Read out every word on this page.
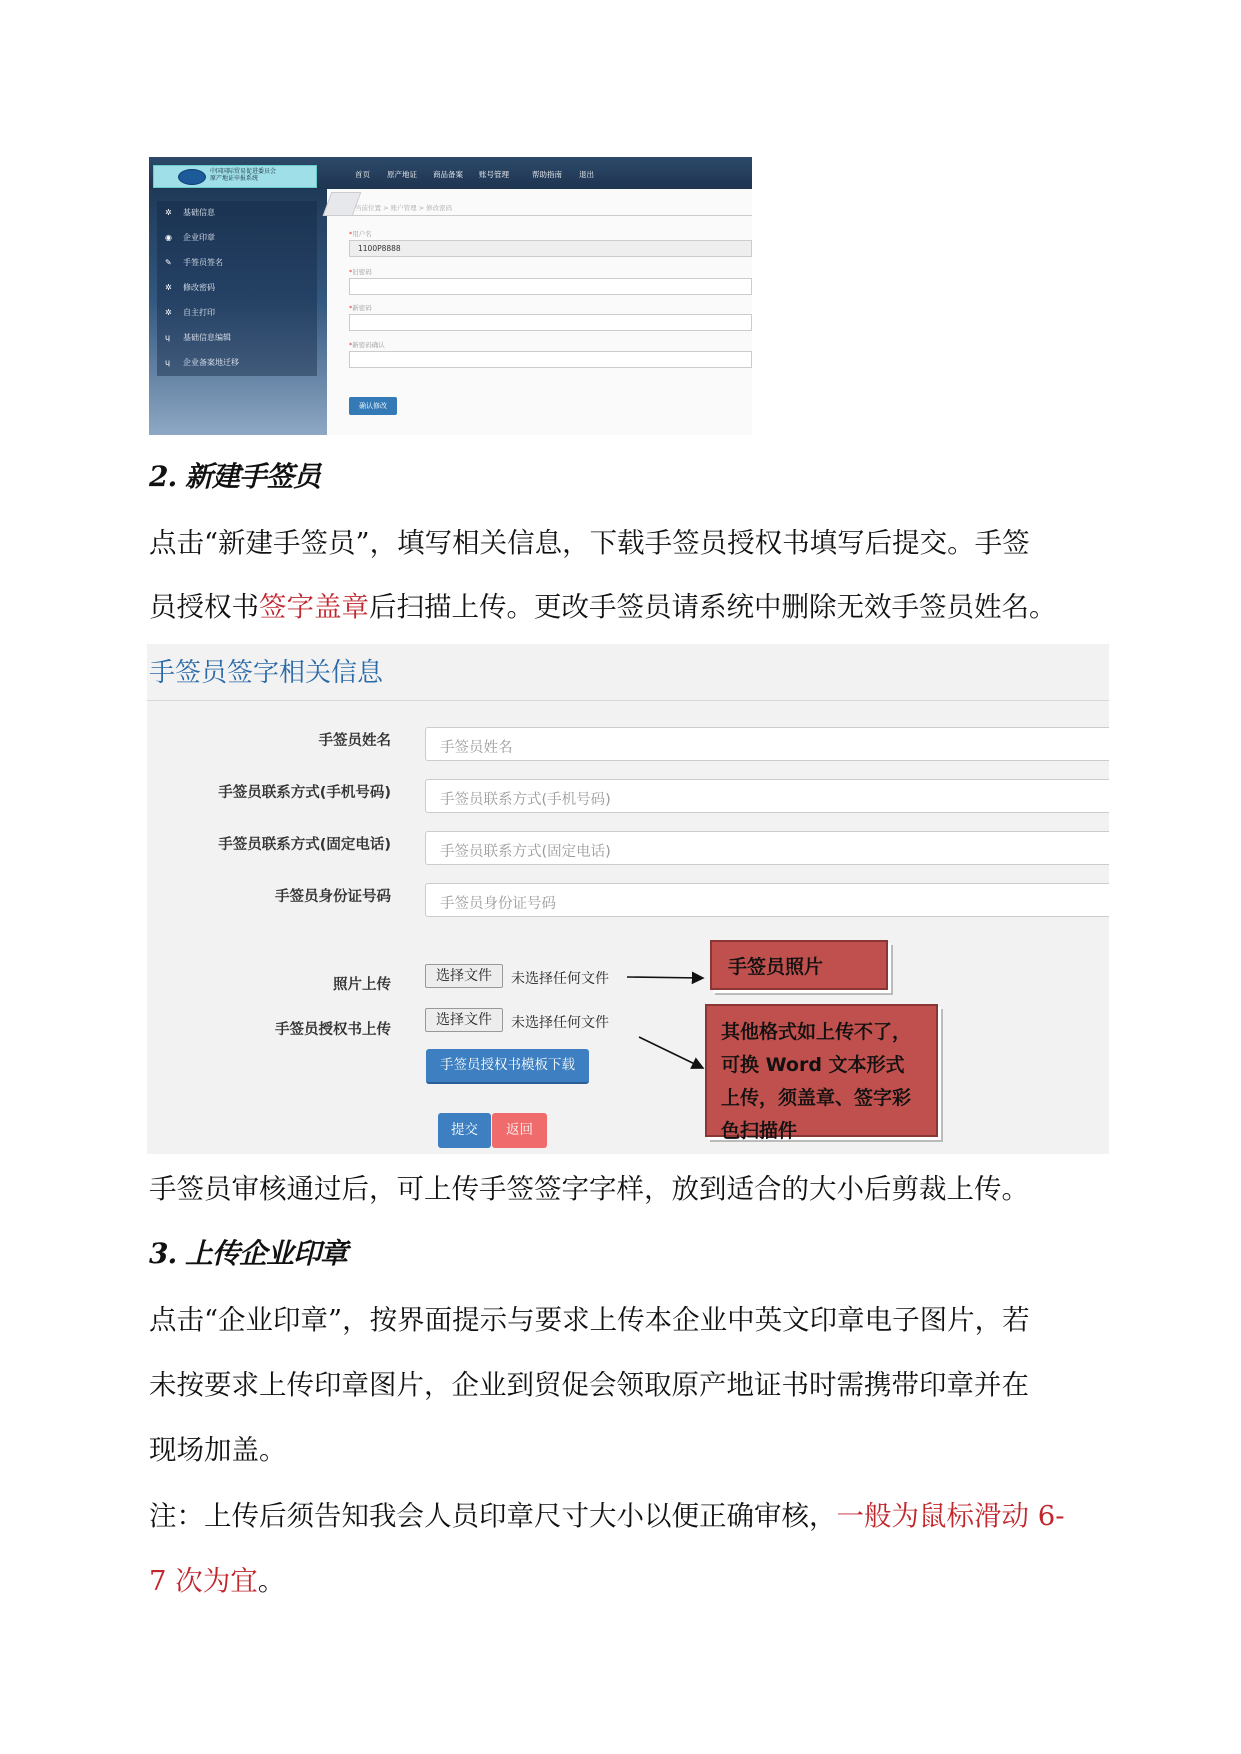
中国国际贸易促进委员会
原产地证申报系统	首页 原产地证 商品备案 账号管理	帮助指南 退出
✲ 基础信息
◉ 企业印章
✎ 手签员签名
✲ 修改密码
✲ 自主打印
ɥ 基础信息编辑
ɥ 企业备案地迁移
当前位置 > 账户管理 > 修改密码
*用户名
1100P8888
*旧密码
*新密码
*新密码确认
确认修改
2. 新建手签员
点击“新建手签员”，填写相关信息，下载手签员授权书填写后提交。手签
员授权书签字盖章后扫描上传。更改手签员请系统中删除无效手签员姓名。
手签员签字相关信息
手签员姓名	手签员姓名
手签员联系方式(手机号码)	手签员联系方式(手机号码)
手签员联系方式(固定电话)	手签员联系方式(固定电话)
手签员身份证号码	手签员身份证号码
照片上传
选择文件	未选择任何文件
手签员授权书上传
选择文件	未选择任何文件
手签员授权书模板下载
提交	返回
手签员照片
其他格式如上传不了，可换 Word 文本形式上传，须盖章、签字彩色扫描件
手签员审核通过后，可上传手签签字字样，放到适合的大小后剪裁上传。
3. 上传企业印章
点击“企业印章”，按界面提示与要求上传本企业中英文印章电子图片，若
未按要求上传印章图片，企业到贸促会领取原产地证书时需携带印章并在
现场加盖。
注：上传后须告知我会人员印章尺寸大小以便正确审核，一般为鼠标滑动 6-
7 次为宜。
